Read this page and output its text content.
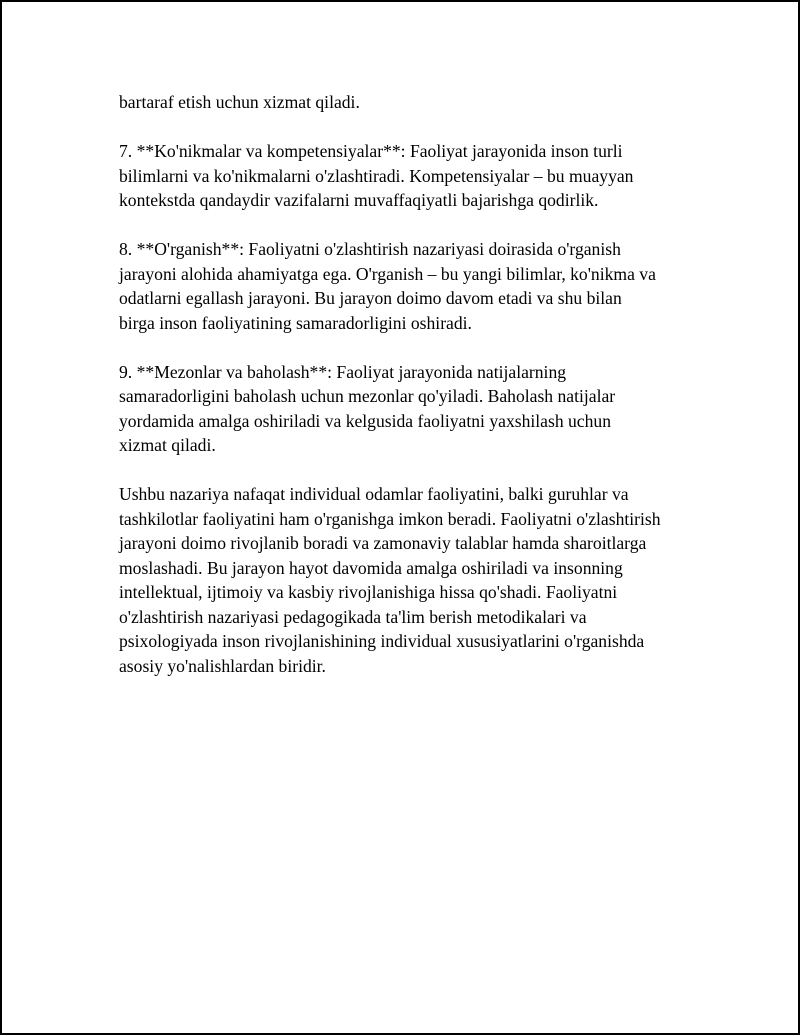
bartaraf etish uchun xizmat qiladi.

7. **Ko'nikmalar va kompetensiyalar**: Faoliyat jarayonida inson turli
bilimlarni va ko'nikmalarni o'zlashtiradi. Kompetensiyalar – bu muayyan
kontekstda qandaydir vazifalarni muvaffaqiyatli bajarishga qodirlik.

8. **O'rganish**: Faoliyatni o'zlashtirish nazariyasi doirasida o'rganish
jarayoni alohida ahamiyatga ega. O'rganish – bu yangi bilimlar, ko'nikma va
odatlarni egallash jarayoni. Bu jarayon doimo davom etadi va shu bilan
birga inson faoliyatining samaradorligini oshiradi.

9. **Mezonlar va baholash**: Faoliyat jarayonida natijalarning
samaradorligini baholash uchun mezonlar qo'yiladi. Baholash natijalar
yordamida amalga oshiriladi va kelgusida faoliyatni yaxshilash uchun
xizmat qiladi.

Ushbu nazariya nafaqat individual odamlar faoliyatini, balki guruhlar va
tashkilotlar faoliyatini ham o'rganishga imkon beradi. Faoliyatni o'zlashtirish
jarayoni doimo rivojlanib boradi va zamonaviy talablar hamda sharoitlarga
moslashadi. Bu jarayon hayot davomida amalga oshiriladi va insonning
intellektual, ijtimoiy va kasbiy rivojlanishiga hissa qo'shadi. Faoliyatni
o'zlashtirish nazariyasi pedagogikada ta'lim berish metodikalari va
psixologiyada inson rivojlanishining individual xususiyatlarini o'rganishda
asosiy yo'nalishlardan biridir.
